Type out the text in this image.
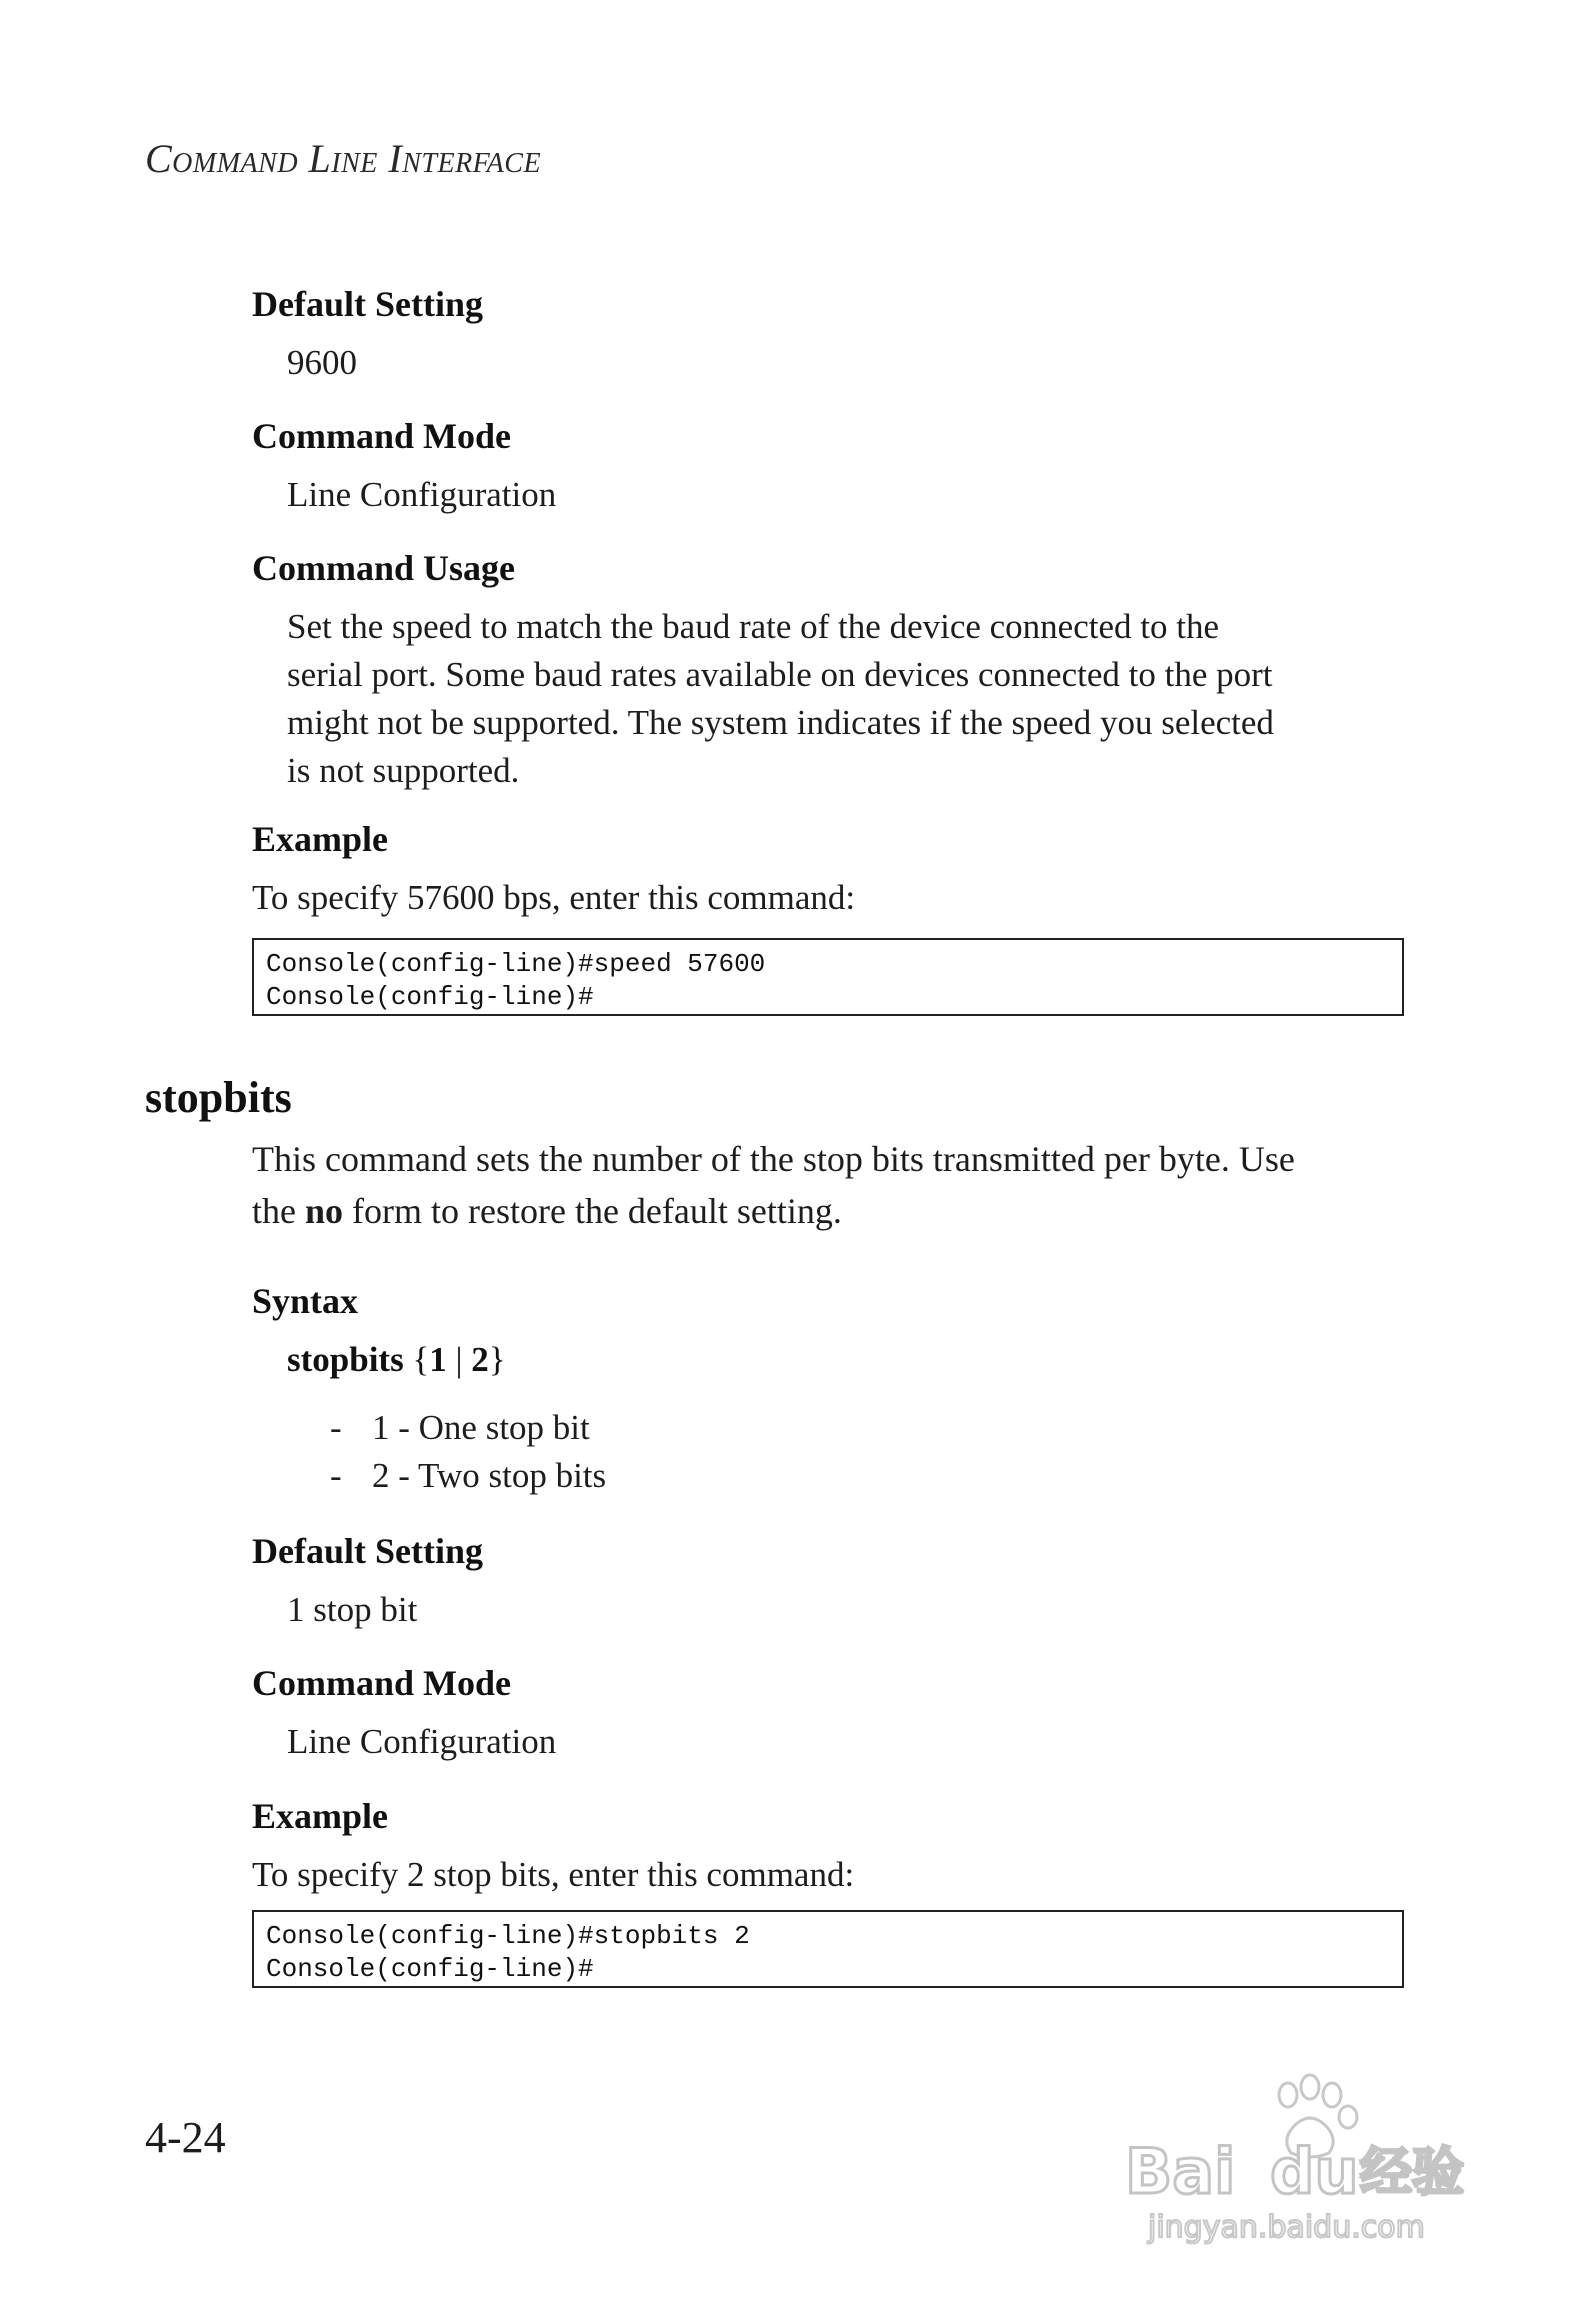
Command Line Interface
Default Setting
9600
Command Mode
Line Configuration
Command Usage
Set the speed to match the baud rate of the device connected to the
serial port. Some baud rates available on devices connected to the port
might not be supported. The system indicates if the speed you selected
is not supported.
Example
To specify 57600 bps, enter this command:
Console(config-line)#speed 57600
Console(config-line)#
stopbits
This command sets the number of the stop bits transmitted per byte. Use
the no form to restore the default setting.
Syntax
stopbits {1 | 2}
- 1 - One stop bit
- 2 - Two stop bits
Default Setting
1 stop bit
Command Mode
Line Configuration
Example
To specify 2 stop bits, enter this command:
Console(config-line)#stopbits 2
Console(config-line)#
4-24	Bai du 经验
jingyan.baidu.com
